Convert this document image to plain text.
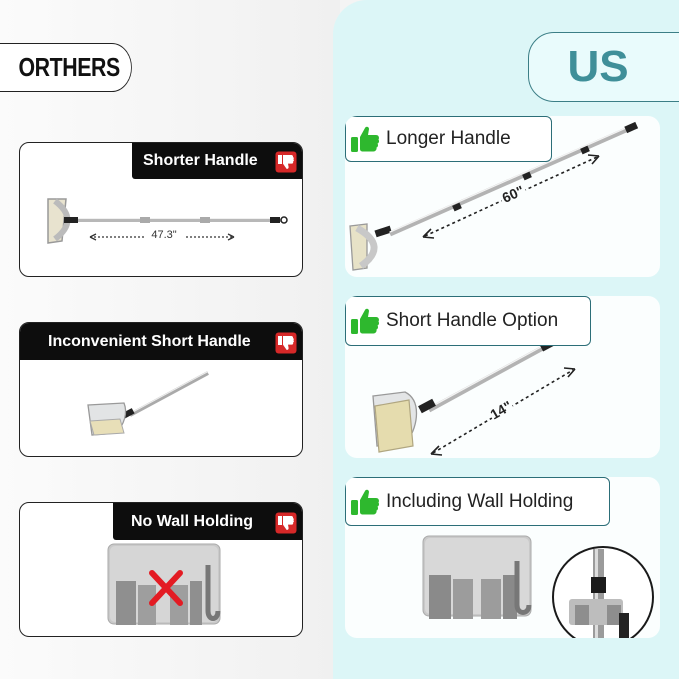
ORTHERS	US
Shorter Handle
47.3"
Inconvenient Short Handle
No Wall Holding
60"
Longer Handle
14"
Short Handle Option
Including Wall Holding
